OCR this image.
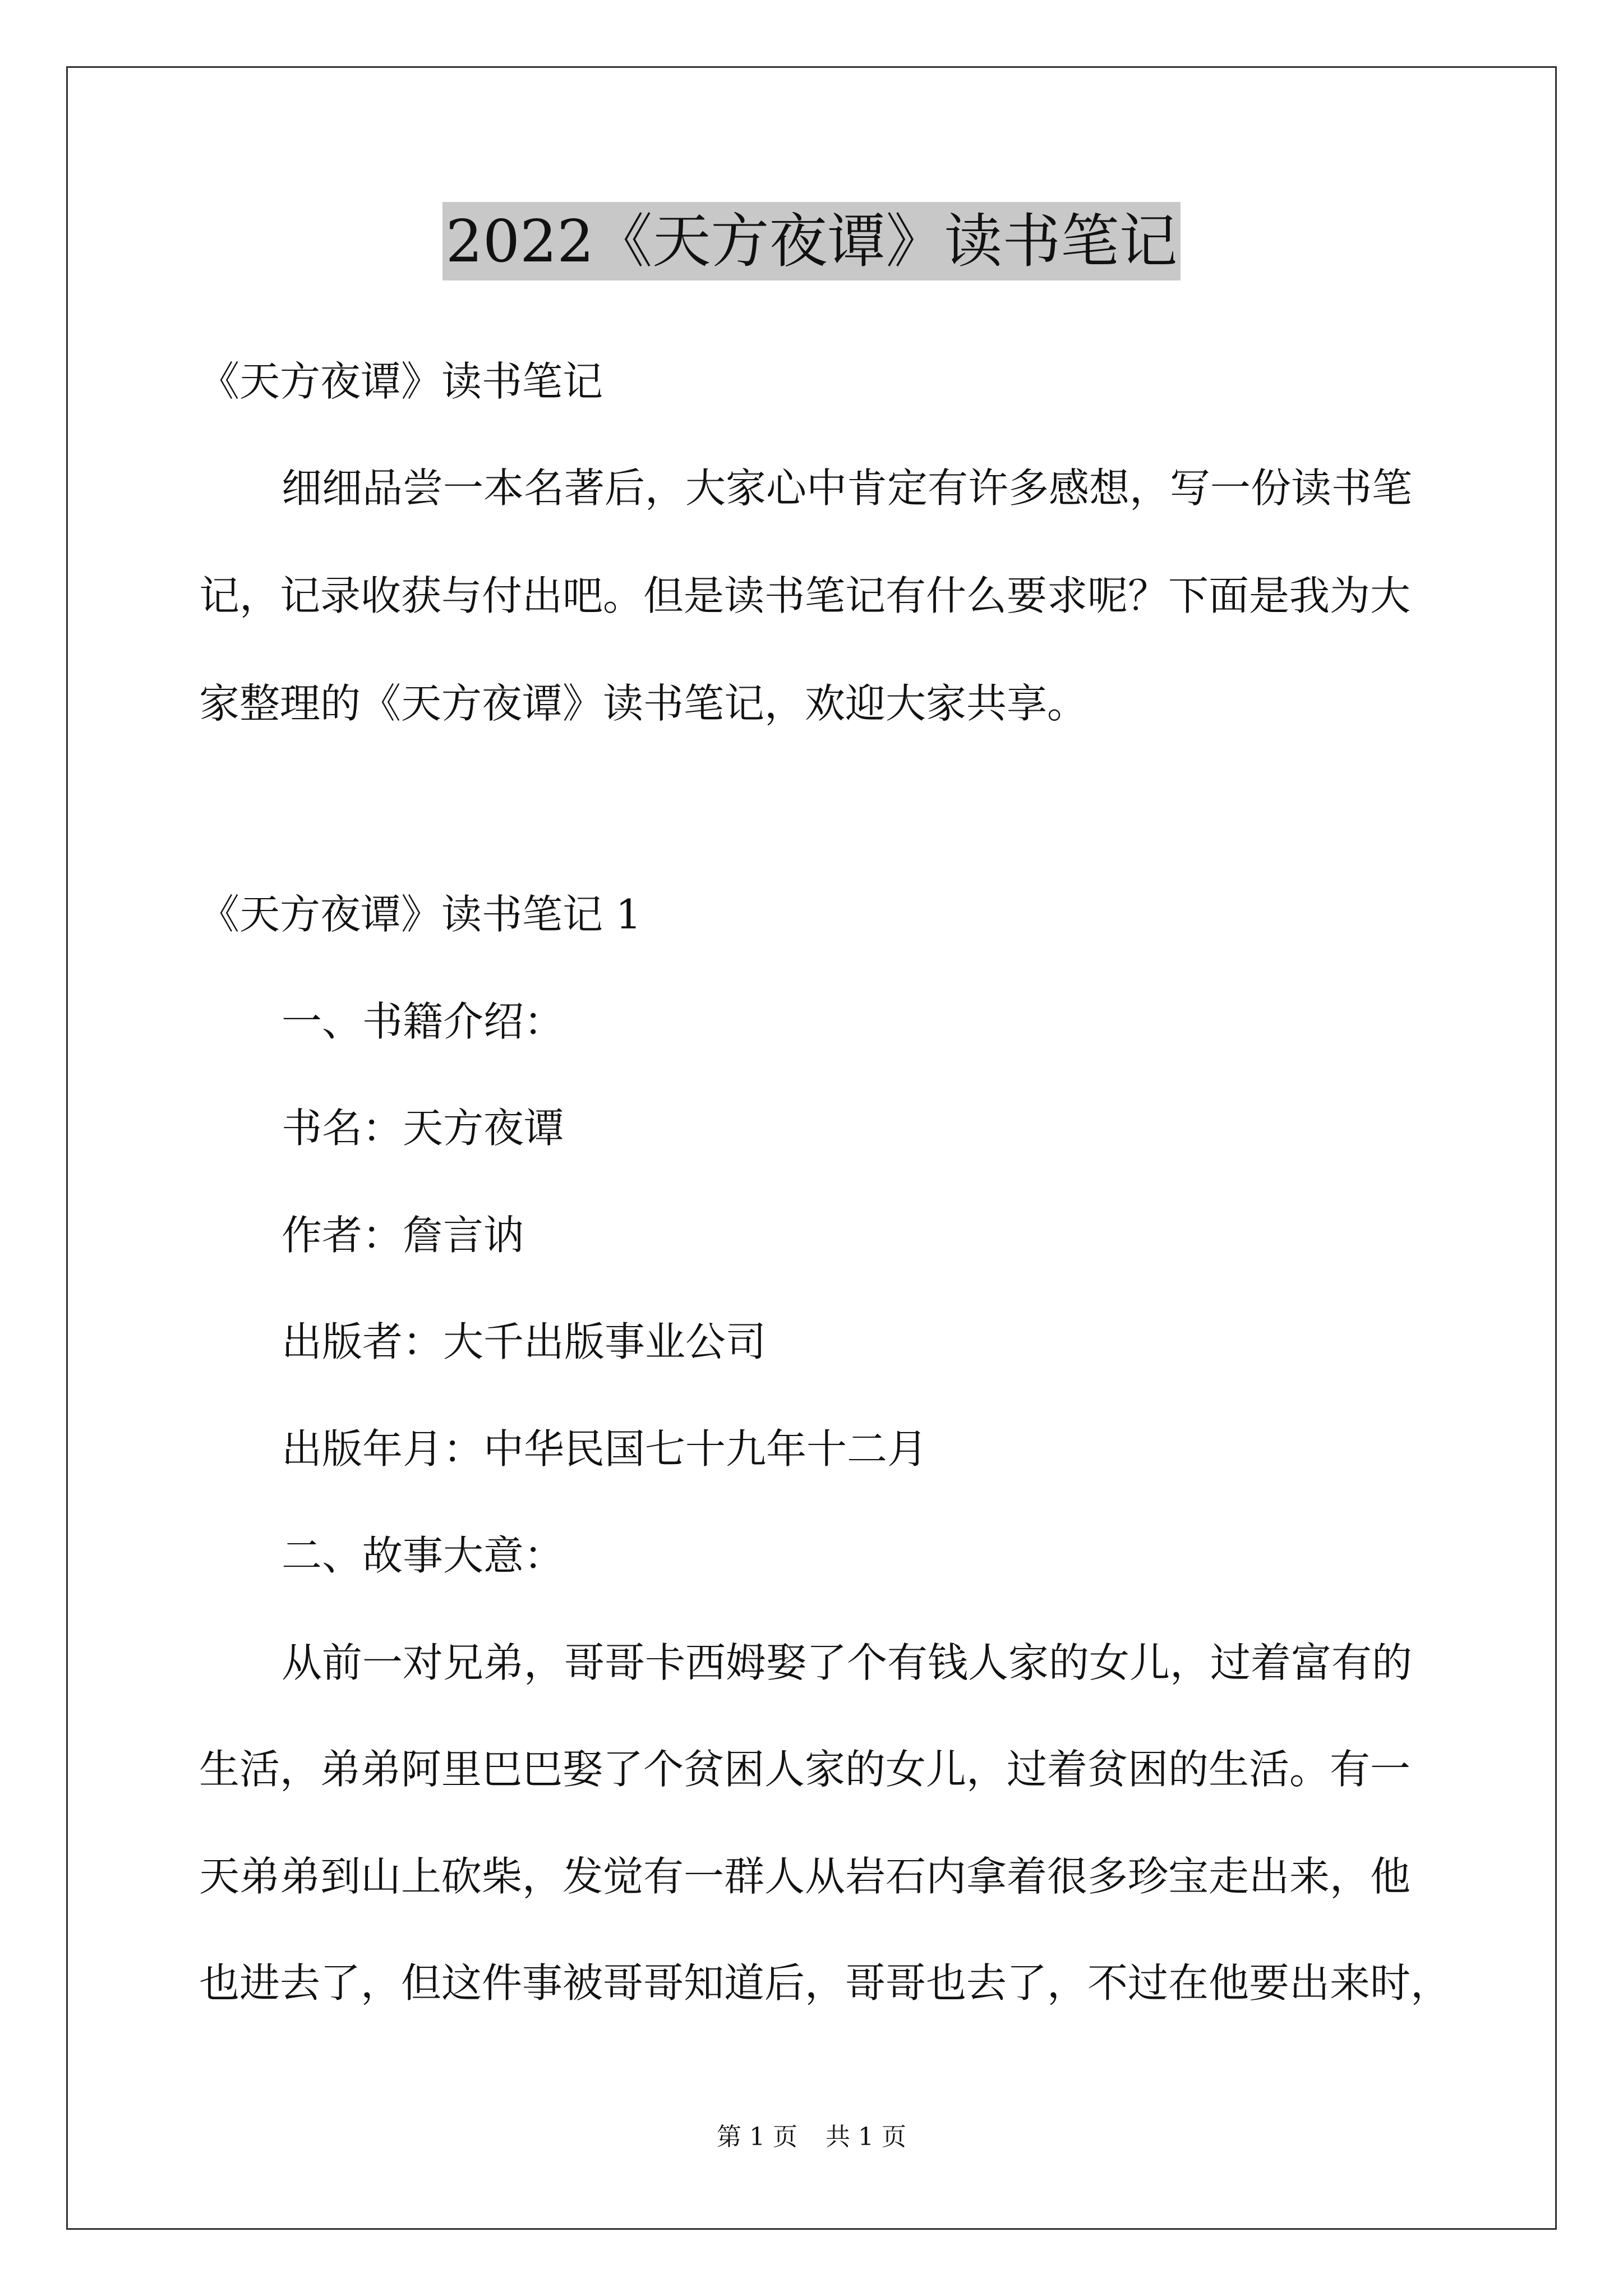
2022《天方夜谭》读书笔记
《天方夜谭》读书笔记
细细品尝一本名著后，大家心中肯定有许多感想，写一份读书笔
记，记录收获与付出吧。但是读书笔记有什么要求呢？下面是我为大
家整理的《天方夜谭》读书笔记，欢迎大家共享。
《天方夜谭》读书笔记 1
一、书籍介绍：
书名：天方夜谭
作者：詹言讷
出版者：大千出版事业公司
出版年月：中华民国七十九年十二月
二、故事大意：
从前一对兄弟，哥哥卡西姆娶了个有钱人家的女儿，过着富有的
生活，弟弟阿里巴巴娶了个贫困人家的女儿，过着贫困的生活。有一
天弟弟到山上砍柴，发觉有一群人从岩石内拿着很多珍宝走出来，他
也进去了，但这件事被哥哥知道后，哥哥也去了，不过在他要出来时，
第 1 页 共 1 页
